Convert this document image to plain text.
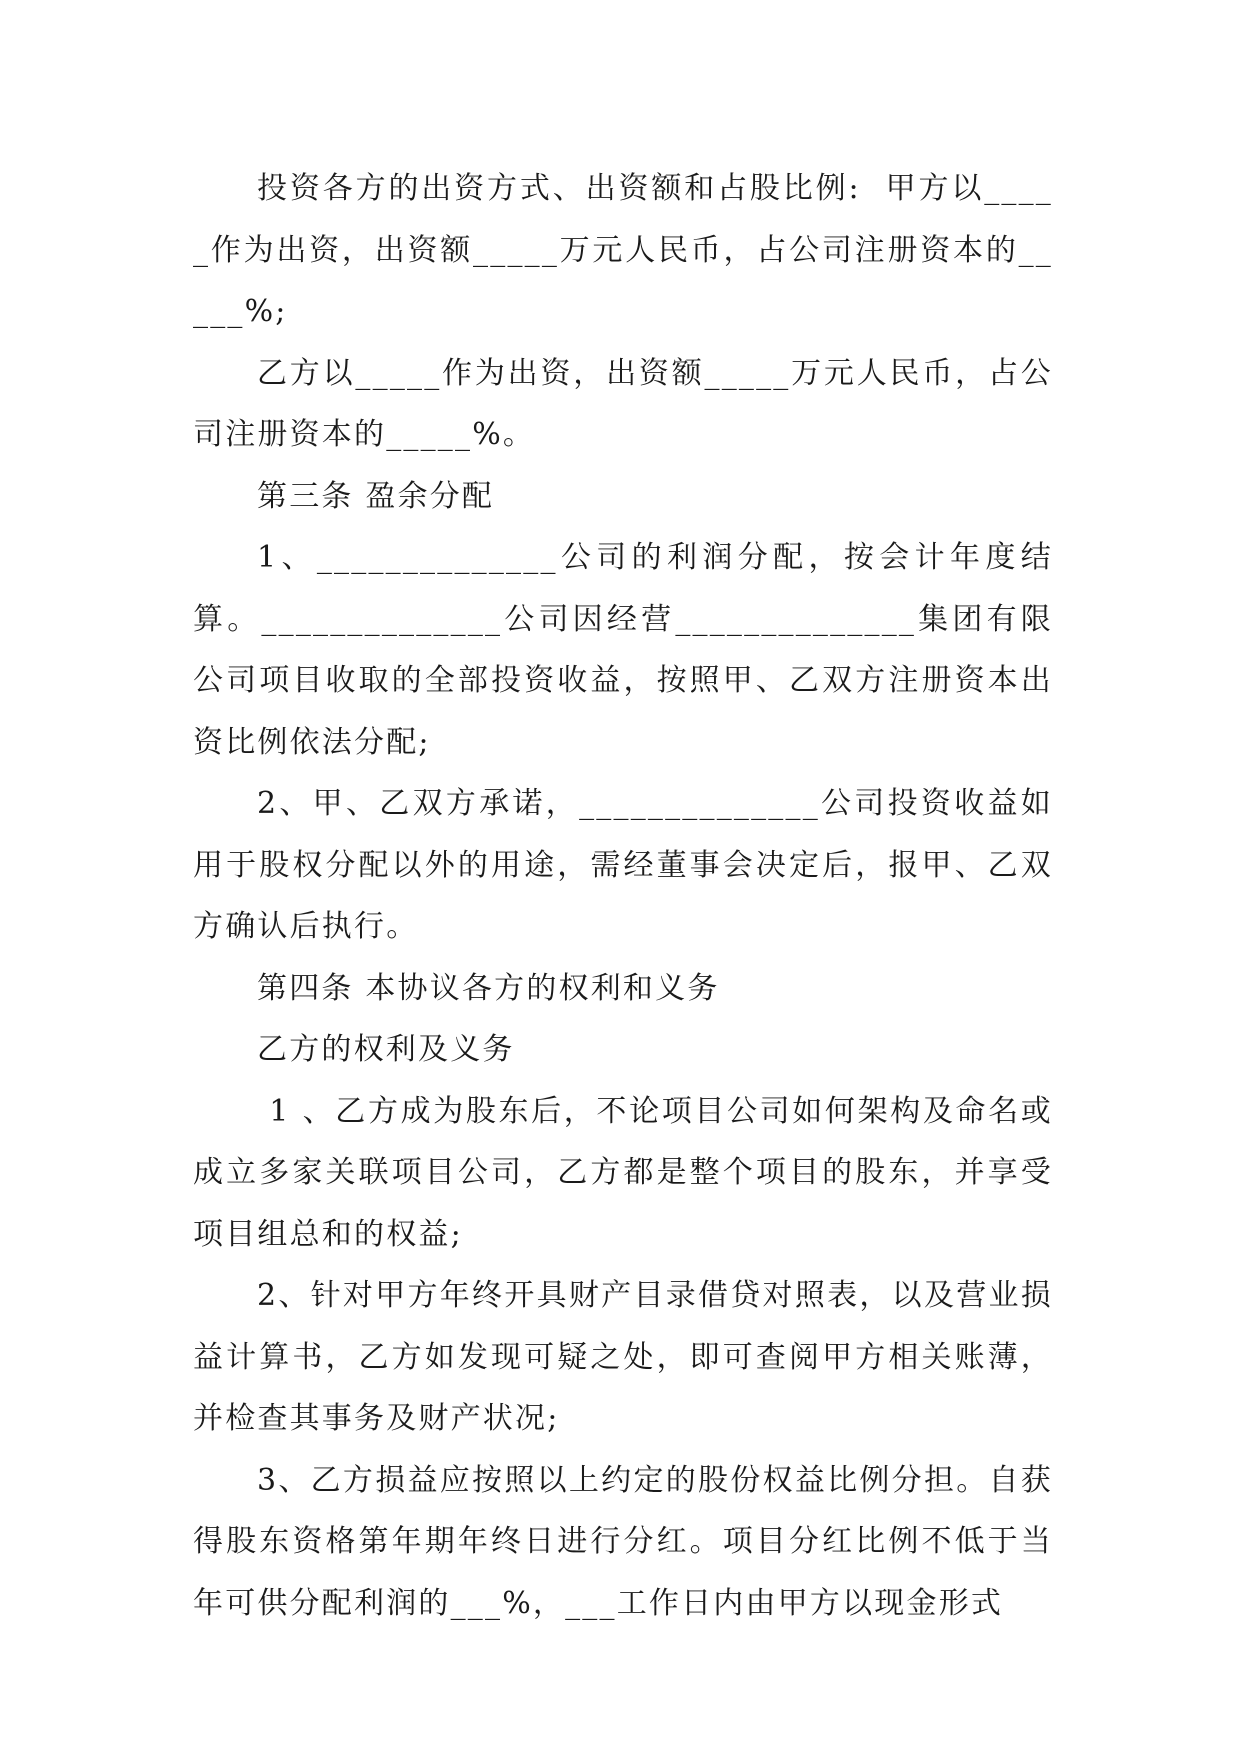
投资各方的出资方式、出资额和占股比例:  甲方以_____作为出资，出资额_____万元人民币，占公司注册资本的_____%;

乙方以_____作为出资，出资额_____万元人民币，占公司注册资本的_____%。

第三条 盈余分配

1、______________公司的利润分配，按会计年度结算。______________公司因经营______________集团有限公司项目收取的全部投资收益，按照甲、乙双方注册资本出资比例依法分配;

2、甲、乙双方承诺，______________公司投资收益如用于股权分配以外的用途，需经董事会决定后，报甲、乙双方确认后执行。

第四条 本协议各方的权利和义务

乙方的权利及义务

1 、乙方成为股东后，不论项目公司如何架构及命名或成立多家关联项目公司，乙方都是整个项目的股东，并享受项目组总和的权益;

2、针对甲方年终开具财产目录借贷对照表，以及营业损益计算书，乙方如发现可疑之处，即可查阅甲方相关账薄，并检查其事务及财产状况;

3、乙方损益应按照以上约定的股份权益比例分担。自获得股东资格第年期年终日进行分红。项目分红比例不低于当年可供分配利润的___%，___工作日内由甲方以现金形式
